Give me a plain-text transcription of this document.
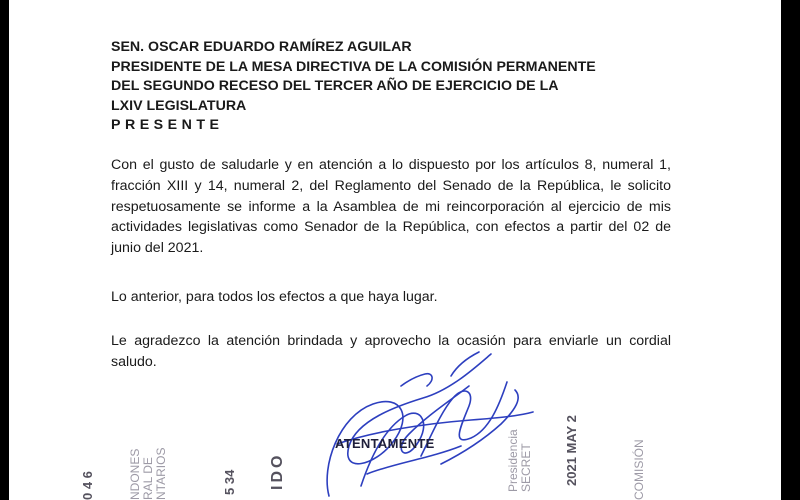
SEN. OSCAR EDUARDO RAMÍREZ AGUILAR
PRESIDENTE DE LA MESA DIRECTIVA DE LA COMISIÓN PERMANENTE
DEL SEGUNDO RECESO DEL TERCER AÑO DE EJERCICIO DE LA
LXIV LEGISLATURA
PRESENTE

Con el gusto de saludarle y en atención a lo dispuesto por los artículos 8, numeral 1, fracción XIII y 14, numeral 2, del Reglamento del Senado de la República, le solicito respetuosamente se informe a la Asamblea de mi reincorporación al ejercicio de mis actividades legislativas como Senador de la República, con efectos a partir del 02 de junio del 2021.

Lo anterior, para todos los efectos a que haya lugar.

Le agradezco la atención brindada y aprovecho la ocasión para enviarle un cordial saludo.

0 4 6	NDONES RAL DE NTARIOS	5 34 IDO	2021 MAY 2
Presidencia SECRET	COMISIÓN
ATENTAMENTE
